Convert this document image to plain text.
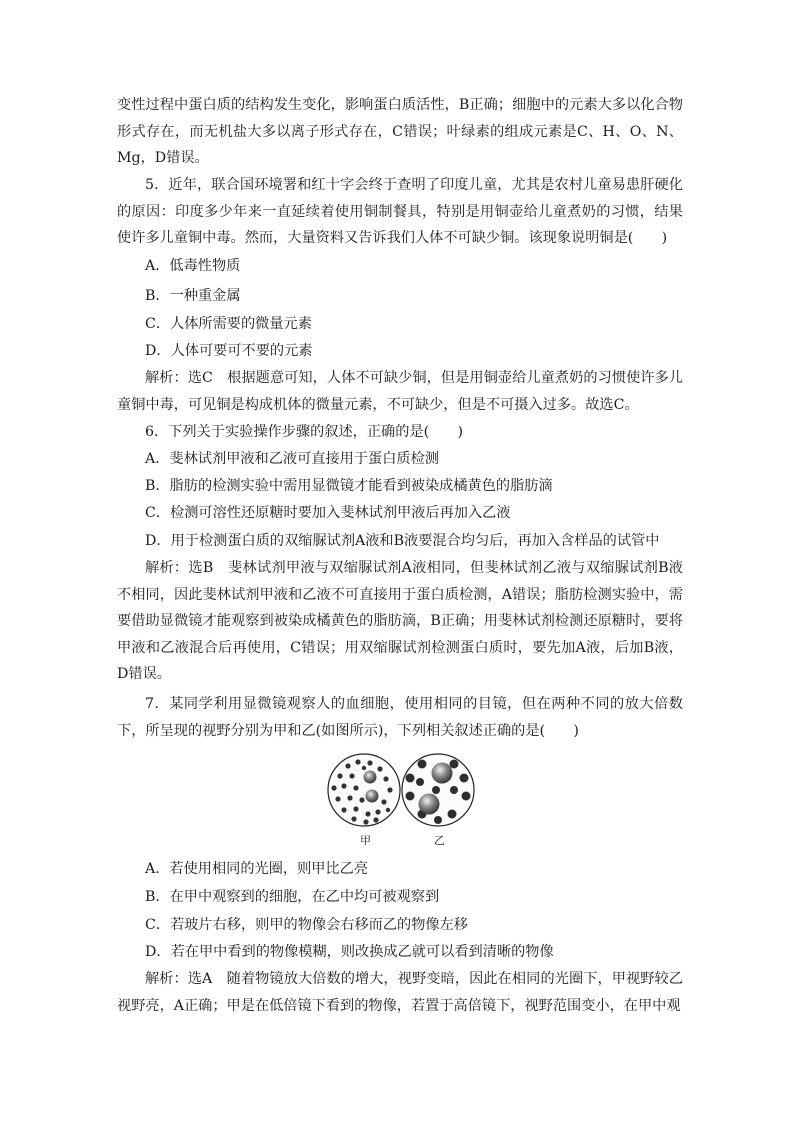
变性过程中蛋白质的结构发生变化，影响蛋白质活性，B正确；细胞中的元素大多以化合物形式存在，而无机盐大多以离子形式存在，C错误；叶绿素的组成元素是C、H、O、N、Mg，D错误。

5．近年，联合国环境署和红十字会终于查明了印度儿童，尤其是农村儿童易患肝硬化的原因：印度多少年来一直延续着使用铜制餐具，特别是用铜壶给儿童煮奶的习惯，结果使许多儿童铜中毒。然而，大量资料又告诉我们人体不可缺少铜。该现象说明铜是(　　)

A．低毒性物质

B．一种重金属

C．人体所需要的微量元素

D．人体可要可不要的元素

解析：选C　根据题意可知，人体不可缺少铜，但是用铜壶给儿童煮奶的习惯使许多儿童铜中毒，可见铜是构成机体的微量元素，不可缺少，但是不可摄入过多。故选C。

6．下列关于实验操作步骤的叙述，正确的是(　　)

A．斐林试剂甲液和乙液可直接用于蛋白质检测

B．脂肪的检测实验中需用显微镜才能看到被染成橘黄色的脂肪滴

C．检测可溶性还原糖时要加入斐林试剂甲液后再加入乙液

D．用于检测蛋白质的双缩脲试剂A液和B液要混合均匀后，再加入含样品的试管中

解析：选B　斐林试剂甲液与双缩脲试剂A液相同，但斐林试剂乙液与双缩脲试剂B液不相同，因此斐林试剂甲液和乙液不可直接用于蛋白质检测，A错误；脂肪检测实验中，需要借助显微镜才能观察到被染成橘黄色的脂肪滴，B正确；用斐林试剂检测还原糖时，要将甲液和乙液混合后再使用，C错误；用双缩脲试剂检测蛋白质时，要先加A液，后加B液，D错误。

7．某同学利用显微镜观察人的血细胞，使用相同的目镜，但在两种不同的放大倍数下，所呈现的视野分别为甲和乙(如图所示)，下列相关叙述正确的是(　　)

甲	乙

A．若使用相同的光圈，则甲比乙亮

B．在甲中观察到的细胞，在乙中均可被观察到

C．若玻片右移，则甲的物像会右移而乙的物像左移

D．若在甲中看到的物像模糊，则改换成乙就可以看到清晰的物像

解析：选A　随着物镜放大倍数的增大，视野变暗，因此在相同的光圈下，甲视野较乙视野亮，A正确；甲是在低倍镜下看到的物像，若置于高倍镜下，视野范围变小，在甲中观
